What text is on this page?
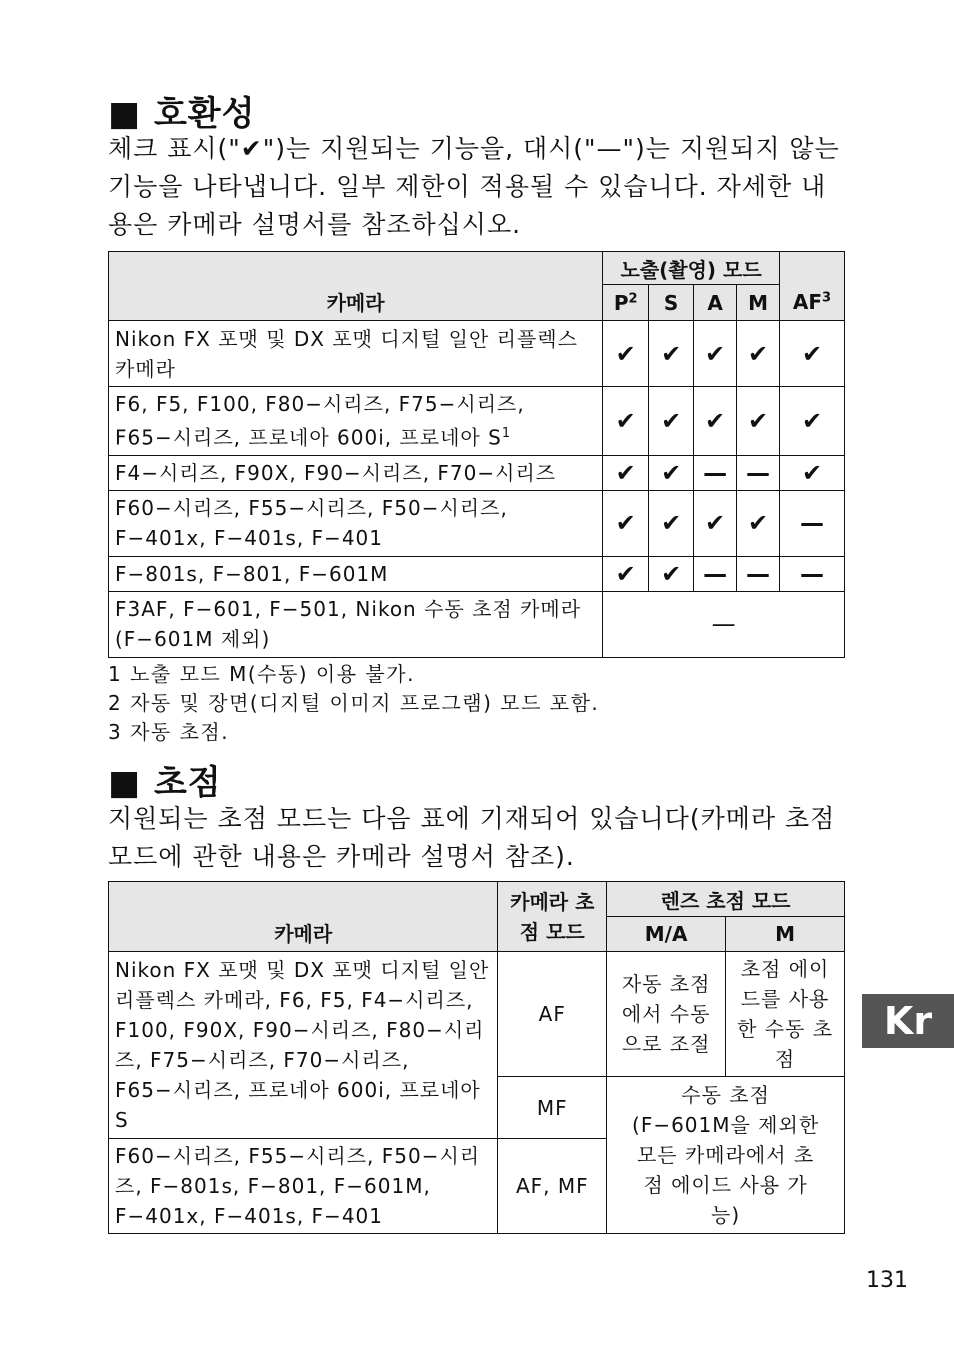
■ 호환성
체크 표시("✔")는 지원되는 기능을, 대시("—")는 지원되지 않는 기능을 나타냅니다. 일부 제한이 적용될 수 있습니다. 자세한 내용은 카메라 설명서를 참조하십시오.
카메라	노출(촬영) 모드				
	$P^2$	S	A	M	$AF^3$
Nikon FX 포맷 및 DX 포맷 디지털 일안 리플렉스 카메라	✔	✔	✔	✔	✔
F6, F5, F100, F80−시리즈, F75−시리즈, F65−시리즈, 프로네아 600i, 프로네아 $S^1$	✔	✔	✔	✔	✔
F4−시리즈, F90X, F90−시리즈, F70−시리즈	✔	✔	—	—	✔
F60−시리즈, F55−시리즈, F50−시리즈, F−401x, F−401s, F−401	✔	✔	✔	✔	—
F−801s, F−801, F−601M	✔	✔	—	—	—
F3AF, F−601, F−501, Nikon 수동 초점 카메라(F−601M 제외)	—				
1 노출 모드 M(수동) 이용 불가.
2 자동 및 장면(디지털 이미지 프로그램) 모드 포함.
3 자동 초점.
■ 초점
지원되는 초점 모드는 다음 표에 기재되어 있습니다(카메라 초점 모드에 관한 내용은 카메라 설명서 참조).
카메라	카메라 초점 모드	렌즈 초점 모드	
		M/A	M
Nikon FX 포맷 및 DX 포맷 디지털 일안 리플렉스 카메라, F6, F5, F4−시리즈, F100, F90X, F90−시리즈, F80−시리즈, F75−시리즈, F70−시리즈, F65−시리즈, 프로네아 600i, 프로네아 S	AF	자동 초점에서 수동으로 조절	초점 에이드를 사용한 수동 초점
	MF	수동 초점 (F−601M을 제외한 모든 카메라에서 초점 에이드 사용 가능)	
F60−시리즈, F55−시리즈, F50−시리즈, F−801s, F−801, F−601M, F−401x, F−401s, F−401	AF, MF		
Kr
131
